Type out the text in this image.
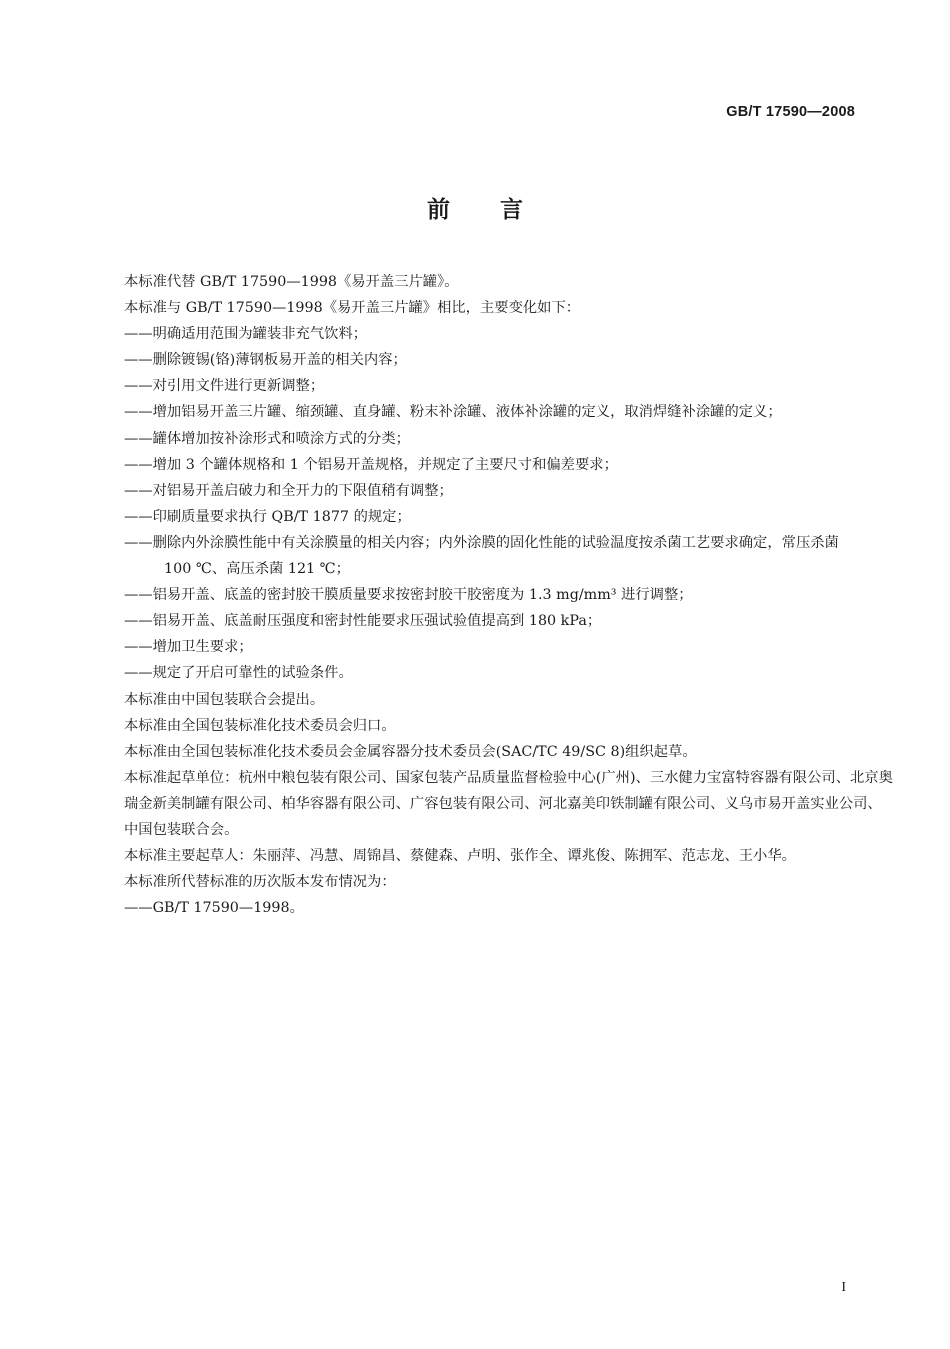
GB/T 17590—2008
前言
本标准代替 GB/T 17590—1998《易开盖三片罐》。
本标准与 GB/T 17590—1998《易开盖三片罐》相比，主要变化如下：
——明确适用范围为罐装非充气饮料；
——删除镀锡(铬)薄钢板易开盖的相关内容；
——对引用文件进行更新调整；
——增加铝易开盖三片罐、缩颈罐、直身罐、粉末补涂罐、液体补涂罐的定义，取消焊缝补涂罐的定义；
——罐体增加按补涂形式和喷涂方式的分类；
——增加 3 个罐体规格和 1 个铝易开盖规格，并规定了主要尺寸和偏差要求；
——对铝易开盖启破力和全开力的下限值稍有调整；
——印刷质量要求执行 QB/T 1877 的规定；
——删除内外涂膜性能中有关涂膜量的相关内容；内外涂膜的固化性能的试验温度按杀菌工艺要求确定，常压杀菌 100 ℃、高压杀菌 121 ℃；
——铝易开盖、底盖的密封胶干膜质量要求按密封胶干胶密度为 1.3 mg/mm³ 进行调整；
——铝易开盖、底盖耐压强度和密封性能要求压强试验值提高到 180 kPa；
——增加卫生要求；
——规定了开启可靠性的试验条件。
本标准由中国包装联合会提出。
本标准由全国包装标准化技术委员会归口。
本标准由全国包装标准化技术委员会金属容器分技术委员会(SAC/TC 49/SC 8)组织起草。
本标准起草单位：杭州中粮包装有限公司、国家包装产品质量监督检验中心(广州)、三水健力宝富特容器有限公司、北京奥瑞金新美制罐有限公司、柏华容器有限公司、广容包装有限公司、河北嘉美印铁制罐有限公司、义乌市易开盖实业公司、中国包装联合会。
本标准主要起草人：朱丽萍、冯慧、周锦昌、蔡健森、卢明、张作全、谭兆俊、陈拥军、范志龙、王小华。
本标准所代替标准的历次版本发布情况为：
——GB/T 17590—1998。
I
